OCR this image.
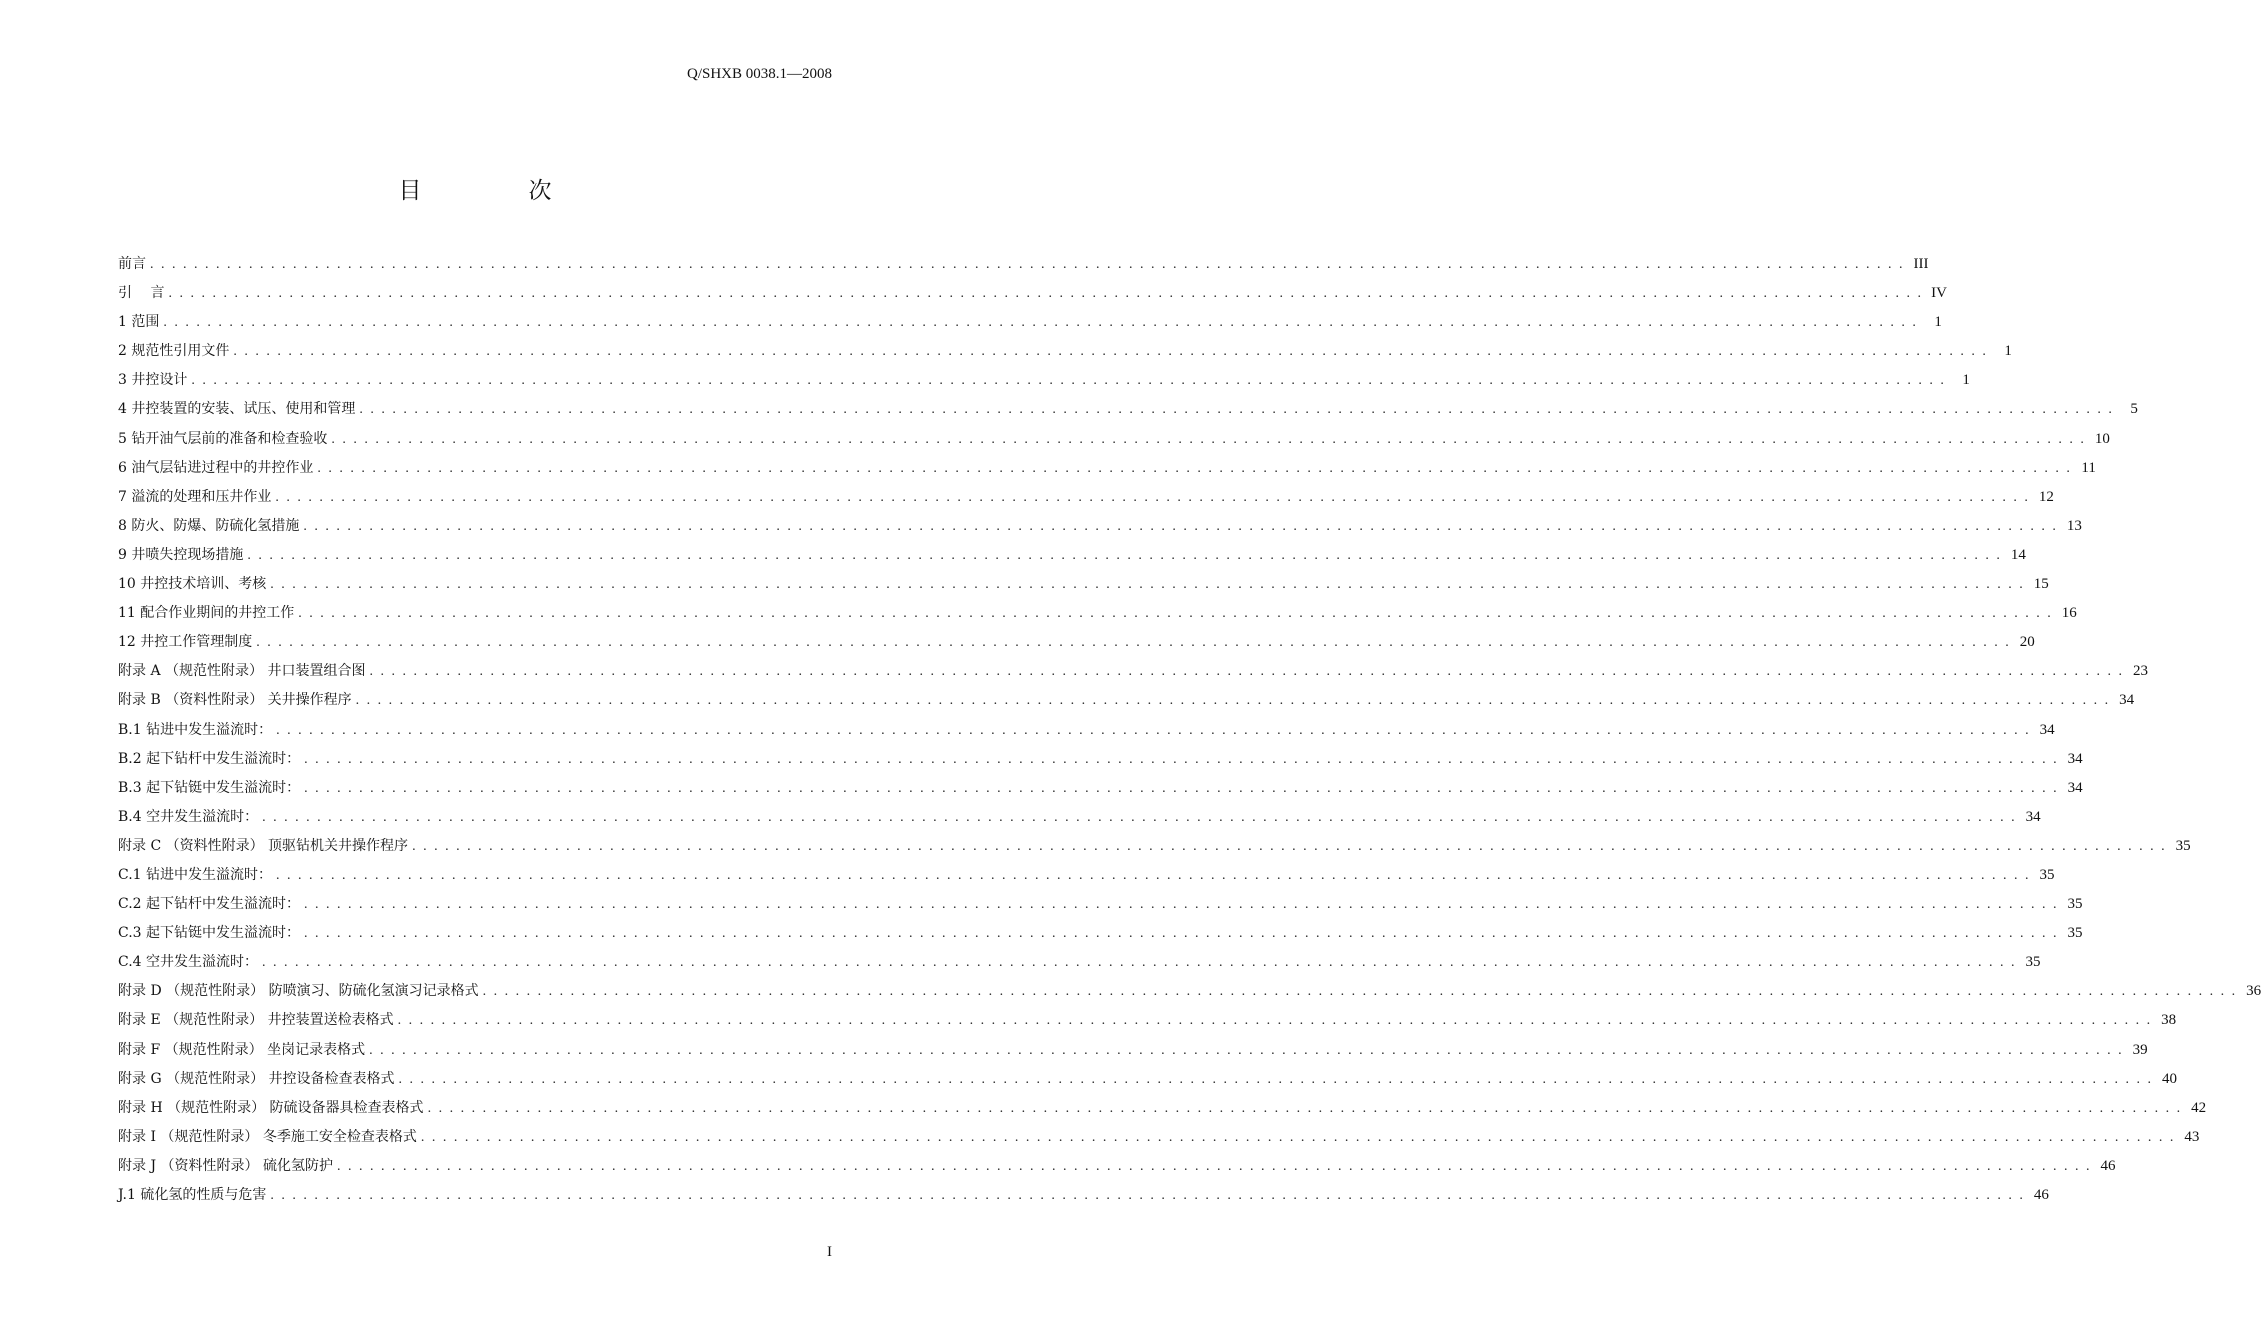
Q/SHXB 0038.1—2008
目　次
前言 . . . . . . . . . . . . . . . . . . . . . . . . . . . . . . . . . . . . . . . . . . . . . . . . . . . . . . . . . . . . . . . . . . . . . . . . . . . . . . . . . . . . . . . . . . . . . . . . . . . . . . . . . . . . . . . . . . . . . . . . . . . . . . . . . . . . . . . . . . . . . . . . . . . . . . . . . . . . . . . . III
引　 言 . . . . . . . . . . . . . . . . . . . . . . . . . . . . . . . . . . . . . . . . . . . . . . . . . . . . . . . . . . . . . . . . . . . . . . . . . . . . . . . . . . . . . . . . . . . . . . . . . . . . . . . . . . . . . . . . . . . . . . . . . . . . . . . . . . . . . . . . . . . . . . . . . . . . . . . . . . . . . . . . IV
1 范围 . . . . . . . . . . . . . . . . . . . . . . . . . . . . . . . . . . . . . . . . . . . . . . . . . . . . . . . . . . . . . . . . . . . . . . . . . . . . . . . . . . . . . . . . . . . . . . . . . . . . . . . . . . . . . . . . . . . . . . . . . . . . . . . . . . . . . . . . . . . . . . . . . . . . . . . . . . . . . . . .	1
2 规范性引用文件 . . . . . . . . . . . . . . . . . . . . . . . . . . . . . . . . . . . . . . . . . . . . . . . . . . . . . . . . . . . . . . . . . . . . . . . . . . . . . . . . . . . . . . . . . . . . . . . . . . . . . . . . . . . . . . . . . . . . . . . . . . . . . . . . . . . . . . . . . . . . . . . . . . . . . . . . . . . . . . . .	1
3 井控设计 . . . . . . . . . . . . . . . . . . . . . . . . . . . . . . . . . . . . . . . . . . . . . . . . . . . . . . . . . . . . . . . . . . . . . . . . . . . . . . . . . . . . . . . . . . . . . . . . . . . . . . . . . . . . . . . . . . . . . . . . . . . . . . . . . . . . . . . . . . . . . . . . . . . . . . . . . . . . . . . .	1
4 井控装置的安装、试压、使用和管理 . . . . . . . . . . . . . . . . . . . . . . . . . . . . . . . . . . . . . . . . . . . . . . . . . . . . . . . . . . . . . . . . . . . . . . . . . . . . . . . . . . . . . . . . . . . . . . . . . . . . . . . . . . . . . . . . . . . . . . . . . . . . . . . . . . . . . . . . . . . . . . . . . . . . . . . . . . . . . . . .	5
5 钻开油气层前的准备和检查验收 . . . . . . . . . . . . . . . . . . . . . . . . . . . . . . . . . . . . . . . . . . . . . . . . . . . . . . . . . . . . . . . . . . . . . . . . . . . . . . . . . . . . . . . . . . . . . . . . . . . . . . . . . . . . . . . . . . . . . . . . . . . . . . . . . . . . . . . . . . . . . . . . . . . . . . . . . . . . . . . . 10
6 油气层钻进过程中的井控作业 . . . . . . . . . . . . . . . . . . . . . . . . . . . . . . . . . . . . . . . . . . . . . . . . . . . . . . . . . . . . . . . . . . . . . . . . . . . . . . . . . . . . . . . . . . . . . . . . . . . . . . . . . . . . . . . . . . . . . . . . . . . . . . . . . . . . . . . . . . . . . . . . . . . . . . . . . . . . . . . . 11
7 溢流的处理和压井作业 . . . . . . . . . . . . . . . . . . . . . . . . . . . . . . . . . . . . . . . . . . . . . . . . . . . . . . . . . . . . . . . . . . . . . . . . . . . . . . . . . . . . . . . . . . . . . . . . . . . . . . . . . . . . . . . . . . . . . . . . . . . . . . . . . . . . . . . . . . . . . . . . . . . . . . . . . . . . . . . . 12
8 防火、防爆、防硫化氢措施 . . . . . . . . . . . . . . . . . . . . . . . . . . . . . . . . . . . . . . . . . . . . . . . . . . . . . . . . . . . . . . . . . . . . . . . . . . . . . . . . . . . . . . . . . . . . . . . . . . . . . . . . . . . . . . . . . . . . . . . . . . . . . . . . . . . . . . . . . . . . . . . . . . . . . . . . . . . . . . . . 13
9 井喷失控现场措施 . . . . . . . . . . . . . . . . . . . . . . . . . . . . . . . . . . . . . . . . . . . . . . . . . . . . . . . . . . . . . . . . . . . . . . . . . . . . . . . . . . . . . . . . . . . . . . . . . . . . . . . . . . . . . . . . . . . . . . . . . . . . . . . . . . . . . . . . . . . . . . . . . . . . . . . . . . . . . . . . 14
10 井控技术培训、考核 . . . . . . . . . . . . . . . . . . . . . . . . . . . . . . . . . . . . . . . . . . . . . . . . . . . . . . . . . . . . . . . . . . . . . . . . . . . . . . . . . . . . . . . . . . . . . . . . . . . . . . . . . . . . . . . . . . . . . . . . . . . . . . . . . . . . . . . . . . . . . . . . . . . . . . . . . . . . . . . . 15
11 配合作业期间的井控工作 . . . . . . . . . . . . . . . . . . . . . . . . . . . . . . . . . . . . . . . . . . . . . . . . . . . . . . . . . . . . . . . . . . . . . . . . . . . . . . . . . . . . . . . . . . . . . . . . . . . . . . . . . . . . . . . . . . . . . . . . . . . . . . . . . . . . . . . . . . . . . . . . . . . . . . . . . . . . . . . . 16
12 井控工作管理制度 . . . . . . . . . . . . . . . . . . . . . . . . . . . . . . . . . . . . . . . . . . . . . . . . . . . . . . . . . . . . . . . . . . . . . . . . . . . . . . . . . . . . . . . . . . . . . . . . . . . . . . . . . . . . . . . . . . . . . . . . . . . . . . . . . . . . . . . . . . . . . . . . . . . . . . . . . . . . . . . . 20
附录 A （规范性附录） 井口装置组合图 . . . . . . . . . . . . . . . . . . . . . . . . . . . . . . . . . . . . . . . . . . . . . . . . . . . . . . . . . . . . . . . . . . . . . . . . . . . . . . . . . . . . . . . . . . . . . . . . . . . . . . . . . . . . . . . . . . . . . . . . . . . . . . . . . . . . . . . . . . . . . . . . . . . . . . . . . . . . . . . . 23
附录 B （资料性附录） 关井操作程序 . . . . . . . . . . . . . . . . . . . . . . . . . . . . . . . . . . . . . . . . . . . . . . . . . . . . . . . . . . . . . . . . . . . . . . . . . . . . . . . . . . . . . . . . . . . . . . . . . . . . . . . . . . . . . . . . . . . . . . . . . . . . . . . . . . . . . . . . . . . . . . . . . . . . . . . . . . . . . . . . 34
B.1 钻进中发生溢流时： . . . . . . . . . . . . . . . . . . . . . . . . . . . . . . . . . . . . . . . . . . . . . . . . . . . . . . . . . . . . . . . . . . . . . . . . . . . . . . . . . . . . . . . . . . . . . . . . . . . . . . . . . . . . . . . . . . . . . . . . . . . . . . . . . . . . . . . . . . . . . . . . . . . . . . . . . . . . . . . . 34
B.2 起下钻杆中发生溢流时： . . . . . . . . . . . . . . . . . . . . . . . . . . . . . . . . . . . . . . . . . . . . . . . . . . . . . . . . . . . . . . . . . . . . . . . . . . . . . . . . . . . . . . . . . . . . . . . . . . . . . . . . . . . . . . . . . . . . . . . . . . . . . . . . . . . . . . . . . . . . . . . . . . . . . . . . . . . . . . . . 34
B.3 起下钻铤中发生溢流时： . . . . . . . . . . . . . . . . . . . . . . . . . . . . . . . . . . . . . . . . . . . . . . . . . . . . . . . . . . . . . . . . . . . . . . . . . . . . . . . . . . . . . . . . . . . . . . . . . . . . . . . . . . . . . . . . . . . . . . . . . . . . . . . . . . . . . . . . . . . . . . . . . . . . . . . . . . . . . . . . 34
B.4 空井发生溢流时： . . . . . . . . . . . . . . . . . . . . . . . . . . . . . . . . . . . . . . . . . . . . . . . . . . . . . . . . . . . . . . . . . . . . . . . . . . . . . . . . . . . . . . . . . . . . . . . . . . . . . . . . . . . . . . . . . . . . . . . . . . . . . . . . . . . . . . . . . . . . . . . . . . . . . . . . . . . . . . . . 34
附录 C （资料性附录） 顶驱钻机关井操作程序 . . . . . . . . . . . . . . . . . . . . . . . . . . . . . . . . . . . . . . . . . . . . . . . . . . . . . . . . . . . . . . . . . . . . . . . . . . . . . . . . . . . . . . . . . . . . . . . . . . . . . . . . . . . . . . . . . . . . . . . . . . . . . . . . . . . . . . . . . . . . . . . . . . . . . . . . . . . . . . . . 35
C.1 钻进中发生溢流时： . . . . . . . . . . . . . . . . . . . . . . . . . . . . . . . . . . . . . . . . . . . . . . . . . . . . . . . . . . . . . . . . . . . . . . . . . . . . . . . . . . . . . . . . . . . . . . . . . . . . . . . . . . . . . . . . . . . . . . . . . . . . . . . . . . . . . . . . . . . . . . . . . . . . . . . . . . . . . . . . 35
C.2 起下钻杆中发生溢流时： . . . . . . . . . . . . . . . . . . . . . . . . . . . . . . . . . . . . . . . . . . . . . . . . . . . . . . . . . . . . . . . . . . . . . . . . . . . . . . . . . . . . . . . . . . . . . . . . . . . . . . . . . . . . . . . . . . . . . . . . . . . . . . . . . . . . . . . . . . . . . . . . . . . . . . . . . . . . . . . . 35
C.3 起下钻铤中发生溢流时： . . . . . . . . . . . . . . . . . . . . . . . . . . . . . . . . . . . . . . . . . . . . . . . . . . . . . . . . . . . . . . . . . . . . . . . . . . . . . . . . . . . . . . . . . . . . . . . . . . . . . . . . . . . . . . . . . . . . . . . . . . . . . . . . . . . . . . . . . . . . . . . . . . . . . . . . . . . . . . . . 35
C.4 空井发生溢流时： . . . . . . . . . . . . . . . . . . . . . . . . . . . . . . . . . . . . . . . . . . . . . . . . . . . . . . . . . . . . . . . . . . . . . . . . . . . . . . . . . . . . . . . . . . . . . . . . . . . . . . . . . . . . . . . . . . . . . . . . . . . . . . . . . . . . . . . . . . . . . . . . . . . . . . . . . . . . . . . . 35
附录 D （规范性附录） 防喷演习、防硫化氢演习记录格式 . . . . . . . . . . . . . . . . . . . . . . . . . . . . . . . . . . . . . . . . . . . . . . . . . . . . . . . . . . . . . . . . . . . . . . . . . . . . . . . . . . . . . . . . . . . . . . . . . . . . . . . . . . . . . . . . . . . . . . . . . . . . . . . . . . . . . . . . . . . . . . . . . . . . . . . . . . . . . . . . 36
附录 E （规范性附录） 井控装置送检表格式 . . . . . . . . . . . . . . . . . . . . . . . . . . . . . . . . . . . . . . . . . . . . . . . . . . . . . . . . . . . . . . . . . . . . . . . . . . . . . . . . . . . . . . . . . . . . . . . . . . . . . . . . . . . . . . . . . . . . . . . . . . . . . . . . . . . . . . . . . . . . . . . . . . . . . . . . . . . . . . . . 38
附录 F （规范性附录） 坐岗记录表格式 . . . . . . . . . . . . . . . . . . . . . . . . . . . . . . . . . . . . . . . . . . . . . . . . . . . . . . . . . . . . . . . . . . . . . . . . . . . . . . . . . . . . . . . . . . . . . . . . . . . . . . . . . . . . . . . . . . . . . . . . . . . . . . . . . . . . . . . . . . . . . . . . . . . . . . . . . . . . . . . . 39
附录 G （规范性附录） 井控设备检查表格式 . . . . . . . . . . . . . . . . . . . . . . . . . . . . . . . . . . . . . . . . . . . . . . . . . . . . . . . . . . . . . . . . . . . . . . . . . . . . . . . . . . . . . . . . . . . . . . . . . . . . . . . . . . . . . . . . . . . . . . . . . . . . . . . . . . . . . . . . . . . . . . . . . . . . . . . . . . . . . . . . 40
附录 H （规范性附录） 防硫设备器具检查表格式 . . . . . . . . . . . . . . . . . . . . . . . . . . . . . . . . . . . . . . . . . . . . . . . . . . . . . . . . . . . . . . . . . . . . . . . . . . . . . . . . . . . . . . . . . . . . . . . . . . . . . . . . . . . . . . . . . . . . . . . . . . . . . . . . . . . . . . . . . . . . . . . . . . . . . . . . . . . . . . . . 42
附录 I （规范性附录） 冬季施工安全检查表格式 . . . . . . . . . . . . . . . . . . . . . . . . . . . . . . . . . . . . . . . . . . . . . . . . . . . . . . . . . . . . . . . . . . . . . . . . . . . . . . . . . . . . . . . . . . . . . . . . . . . . . . . . . . . . . . . . . . . . . . . . . . . . . . . . . . . . . . . . . . . . . . . . . . . . . . . . . . . . . . . . 43
附录 J （资料性附录） 硫化氢防护 . . . . . . . . . . . . . . . . . . . . . . . . . . . . . . . . . . . . . . . . . . . . . . . . . . . . . . . . . . . . . . . . . . . . . . . . . . . . . . . . . . . . . . . . . . . . . . . . . . . . . . . . . . . . . . . . . . . . . . . . . . . . . . . . . . . . . . . . . . . . . . . . . . . . . . . . . . . . . . . . 46
J.1 硫化氢的性质与危害 . . . . . . . . . . . . . . . . . . . . . . . . . . . . . . . . . . . . . . . . . . . . . . . . . . . . . . . . . . . . . . . . . . . . . . . . . . . . . . . . . . . . . . . . . . . . . . . . . . . . . . . . . . . . . . . . . . . . . . . . . . . . . . . . . . . . . . . . . . . . . . . . . . . . . . . . . . . . . . . . 46
I
